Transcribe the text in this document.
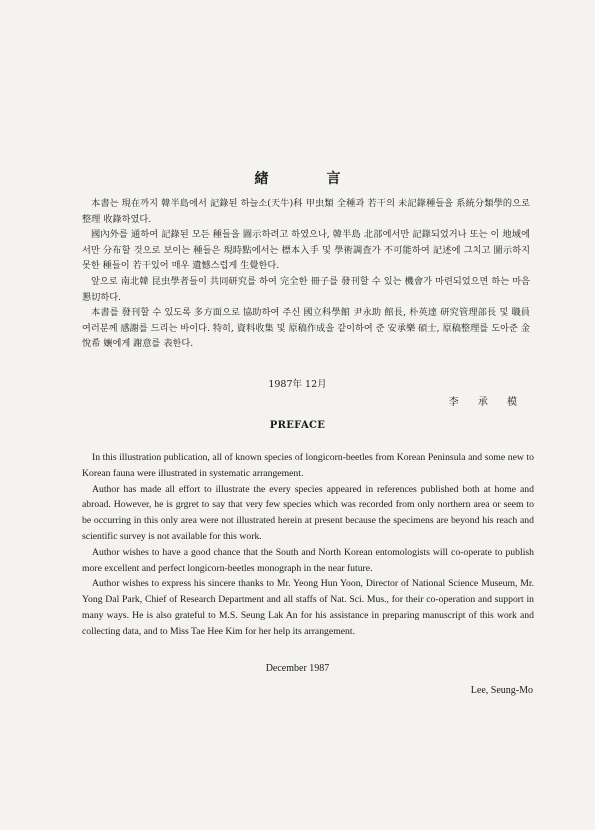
緖　言

本書는 現在까지 韓半島에서 記錄된 하늘소(天牛)科 甲虫類 全種과 若干의 未記錄種들을 系統分類學的으로 整理 收錄하였다.

國內外를 通하여 記錄된 모든 種들을 圖示하려고 하였으나, 韓半島 北部에서만 記錄되었거나 또는 이 地域에서만 分布할 것으로 보이는 種들은 現時點에서는 標本入手 및 學術調査가 不可能하여 記述에 그치고 圖示하지 못한 種들이 若干있어 매우 遺憾스럽게 生覺한다.

앞으로 南北韓 昆虫學者들이 共同研究를 하여 完全한 冊子를 發刊할 수 있는 機會가 마련되었으면 하는 마음 懇切하다.

本書를 發刊할 수 있도록 多方面으로 協助하여 주신 國立科學館 尹永助 館長, 朴英達 研究管理部長 및 職員 여러분께 感謝를 드리는 바이다. 特히, 資料收集 및 原稿作成을 같이하여 준 安承樂 碩士, 原稿整理를 도아준 金悅希 孃에게 謝意를 表한다.

1987年 12月
李 承 模
PREFACE

In this illustration publication, all of known species of longicorn-beetles from Korean Peninsula and some new to Korean fauna were illustrated in systematic arrangement.

Author has made all effort to illustrate the every species appeared in references published both at home and abroad. However, he is grgret to say that very few species which was recorded from only northern area or seem to be occurring in this only area were not illustrated herein at present because the specimens are beyond his reach and scientific survey is not available for this work.

Author wishes to have a good chance that the South and North Korean entomologists will co-operate to publish more excellent and perfect longicorn-beetles monograph in the near future.

Author wishes to express his sincere thanks to Mr. Yeong Hun Yoon, Director of National Science Museum, Mr. Yong Dal Park, Chief of Research Department and all staffs of Nat. Sci. Mus., for their co-operation and support in many ways. He is also grateful to M.S. Seung Lak An for his assistance in preparing manuscript of this work and collecting data, and to Miss Tae Hee Kim for her help its arrangement.

December 1987
Lee, Seung-Mo
